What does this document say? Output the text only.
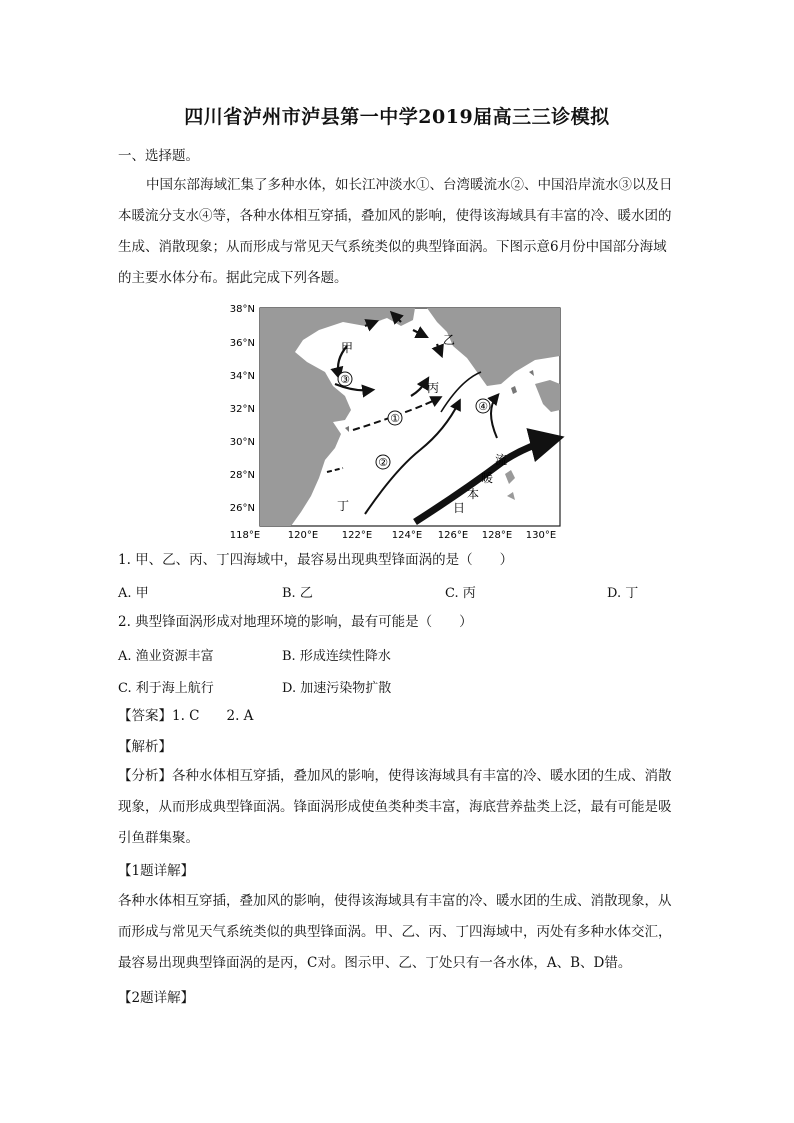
四川省泸州市泸县第一中学2019届高三三诊模拟
一、选择题。
中国东部海域汇集了多种水体，如长江冲淡水①、台湾暖流水②、中国沿岸流水③以及日本暖流分支水④等，各种水体相互穿插，叠加风的影响，使得该海域具有丰富的冷、暖水团的生成、消散现象；从而形成与常见天气系统类似的典型锋面涡。下图示意6月份中国部分海域的主要水体分布。据此完成下列各题。
38°N
36°N
34°N
32°N
30°N
28°N
26°N
118°E	120°E 122°E 124°E 126°E 128°E 130°E
甲
乙
丙
丁
③
①
②
④
流
暖
本
日
1. 甲、乙、丙、丁四海域中，最容易出现典型锋面涡的是（　　）
A. 甲	B. 乙	C. 丙	D. 丁
2. 典型锋面涡形成对地理环境的影响，最有可能是（　　）
A. 渔业资源丰富	B. 形成连续性降水
C. 利于海上航行	D. 加速污染物扩散
【答案】1. C　　2. A
【解析】
【分析】各种水体相互穿插，叠加风的影响，使得该海域具有丰富的冷、暖水团的生成、消散现象，从而形成典型锋面涡。锋面涡形成使鱼类种类丰富，海底营养盐类上泛，最有可能是吸引鱼群集聚。
【1题详解】
各种水体相互穿插，叠加风的影响，使得该海域具有丰富的冷、暖水团的生成、消散现象，从而形成与常见天气系统类似的典型锋面涡。甲、乙、丙、丁四海域中，丙处有多种水体交汇，最容易出现典型锋面涡的是丙，C对。图示甲、乙、丁处只有一各水体，A、B、D错。
【2题详解】
